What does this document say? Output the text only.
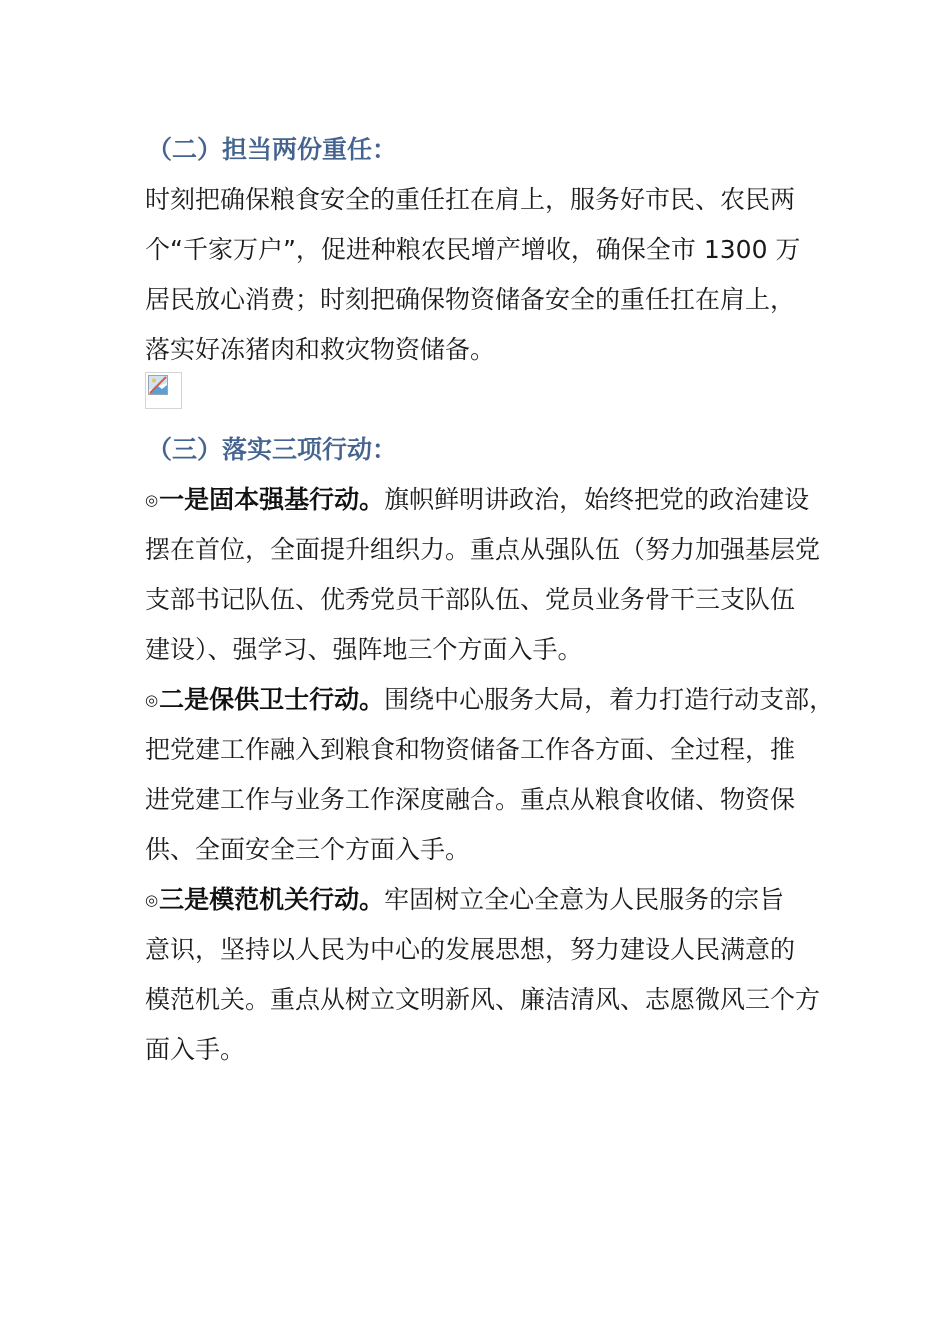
（二）担当两份重任：
时刻把确保粮食安全的重任扛在肩上，服务好市民、农民两
个“千家万户”，促进种粮农民增产增收，确保全市 1300 万
居民放心消费；时刻把确保物资储备安全的重任扛在肩上，
落实好冻猪肉和救灾物资储备。
（三）落实三项行动：
◎一是固本强基行动。旗帜鲜明讲政治，始终把党的政治建设
摆在首位，全面提升组织力。重点从强队伍（努力加强基层党
支部书记队伍、优秀党员干部队伍、党员业务骨干三支队伍
建设）、强学习、强阵地三个方面入手。
◎二是保供卫士行动。围绕中心服务大局，着力打造行动支部，
把党建工作融入到粮食和物资储备工作各方面、全过程，推
进党建工作与业务工作深度融合。重点从粮食收储、物资保
供、全面安全三个方面入手。
◎三是模范机关行动。牢固树立全心全意为人民服务的宗旨
意识，坚持以人民为中心的发展思想，努力建设人民满意的
模范机关。重点从树立文明新风、廉洁清风、志愿微风三个方
面入手。
